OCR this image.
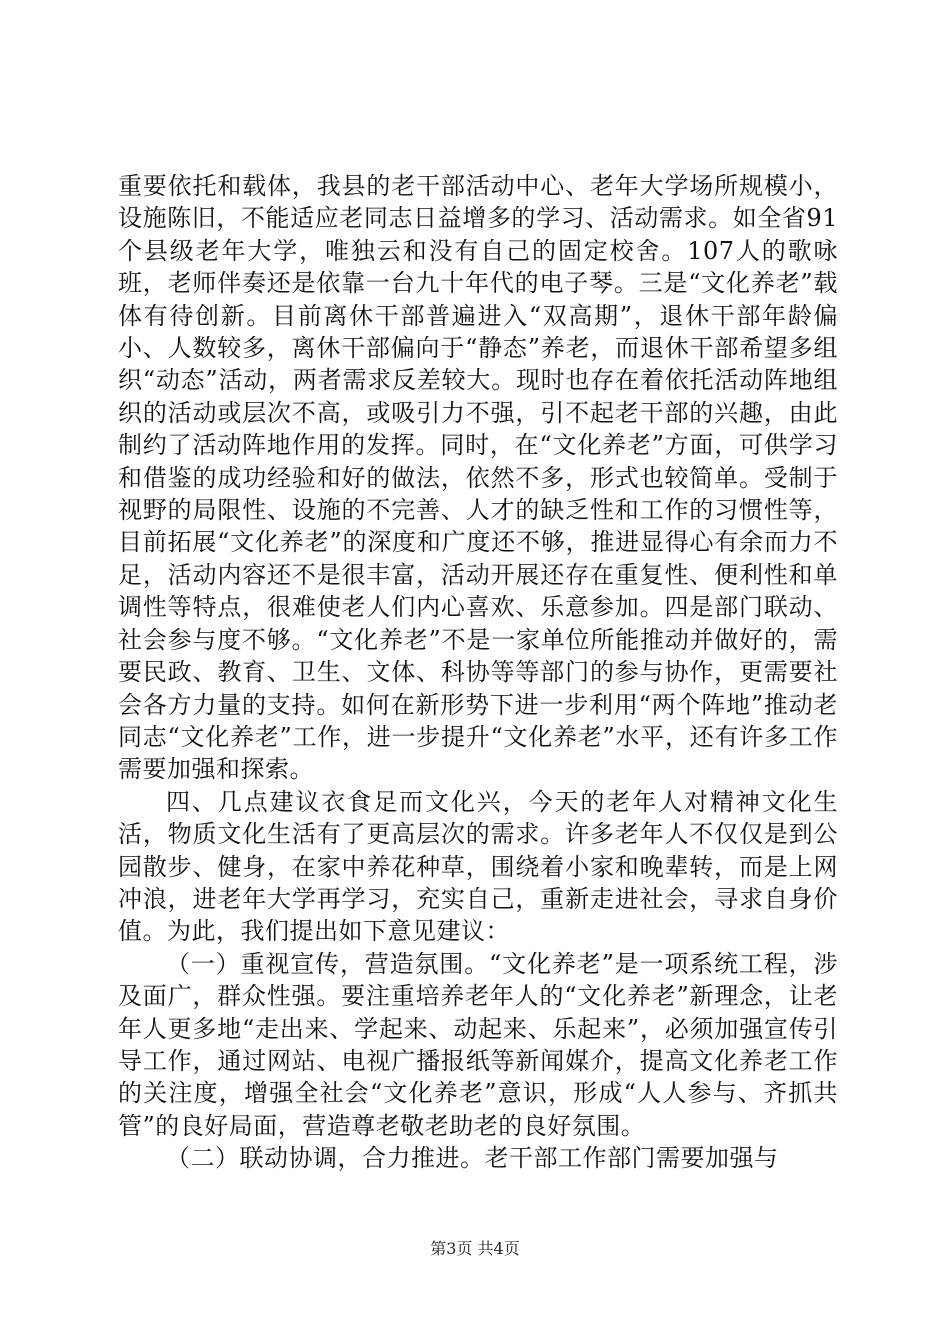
重要依托和载体，我县的老干部活动中心、老年大学场所规模小，设施陈旧，不能适应老同志日益增多的学习、活动需求。如全省91个县级老年大学，唯独云和没有自己的固定校舍。107人的歌咏班，老师伴奏还是依靠一台九十年代的电子琴。三是“文化养老”载体有待创新。目前离休干部普遍进入“双高期”，退休干部年龄偏小、人数较多，离休干部偏向于“静态”养老，而退休干部希望多组织“动态”活动，两者需求反差较大。现时也存在着依托活动阵地组织的活动或层次不高，或吸引力不强，引不起老干部的兴趣，由此制约了活动阵地作用的发挥。同时，在“文化养老”方面，可供学习和借鉴的成功经验和好的做法，依然不多，形式也较简单。受制于视野的局限性、设施的不完善、人才的缺乏性和工作的习惯性等，目前拓展“文化养老”的深度和广度还不够，推进显得心有余而力不足，活动内容还不是很丰富，活动开展还存在重复性、便利性和单调性等特点，很难使老人们内心喜欢、乐意参加。四是部门联动、社会参与度不够。“文化养老”不是一家单位所能推动并做好的，需要民政、教育、卫生、文体、科协等等部门的参与协作，更需要社会各方力量的支持。如何在新形势下进一步利用“两个阵地”推动老同志“文化养老”工作，进一步提升“文化养老”水平，还有许多工作需要加强和探索。

四、几点建议衣食足而文化兴，今天的老年人对精神文化生活，物质文化生活有了更高层次的需求。许多老年人不仅仅是到公园散步、健身，在家中养花种草，围绕着小家和晚辈转，而是上网冲浪，进老年大学再学习，充实自己，重新走进社会，寻求自身价值。为此，我们提出如下意见建议：

（一）重视宣传，营造氛围。“文化养老”是一项系统工程，涉及面广，群众性强。要注重培养老年人的“文化养老”新理念，让老年人更多地“走出来、学起来、动起来、乐起来”，必须加强宣传引导工作，通过网站、电视广播报纸等新闻媒介，提高文化养老工作的关注度，增强全社会“文化养老”意识，形成“人人参与、齐抓共管”的良好局面，营造尊老敬老助老的良好氛围。

（二）联动协调，合力推进。老干部工作部门需要加强与

第3页 共4页
